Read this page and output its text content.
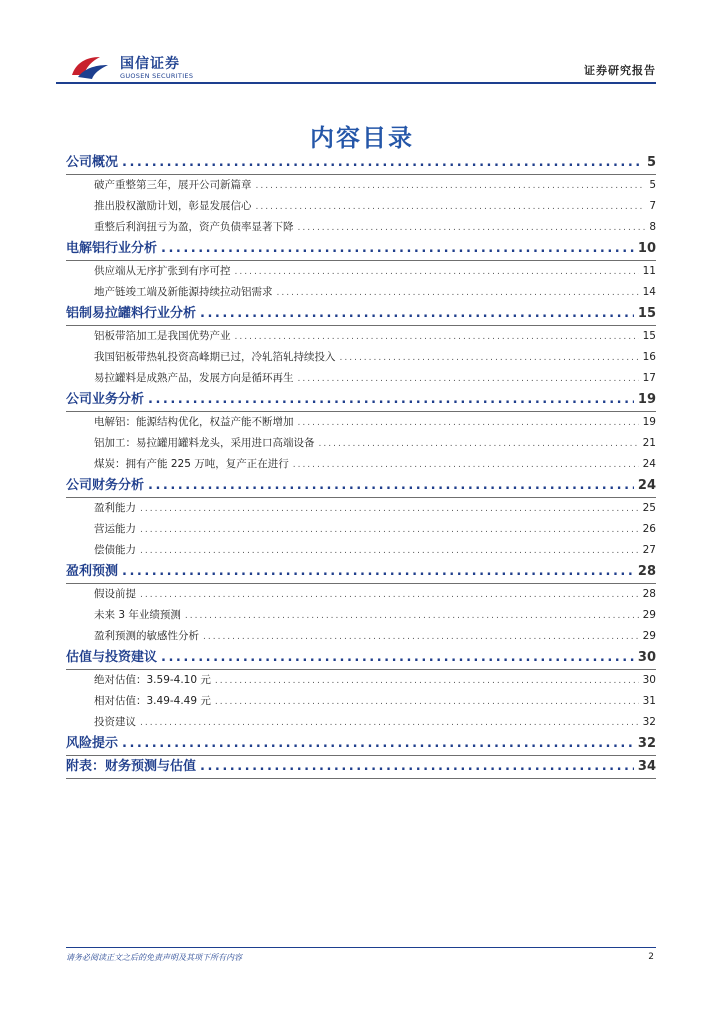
国信证券
GUOSEN SECURITIES	证券研究报告
内容目录
公司概况 .....	5
破产重整第三年，展开公司新篇章 .....	5
推出股权激励计划，彰显发展信心 .....	7
重整后利润扭亏为盈，资产负债率显著下降 .....	8
电解铝行业分析 .....	10
供应端从无序扩张到有序可控 .....	11
地产链竣工端及新能源持续拉动铝需求 .....	14
铝制易拉罐料行业分析 .....	15
铝板带箔加工是我国优势产业 .....	15
我国铝板带热轧投资高峰期已过，冷轧箔轧持续投入 .....	16
易拉罐料是成熟产品，发展方向是循环再生 .....	17
公司业务分析 .....	19
电解铝：能源结构优化，权益产能不断增加 .....	19
铝加工：易拉罐用罐料龙头，采用进口高端设备 .....	21
煤炭：拥有产能 225 万吨，复产正在进行 .....	24
公司财务分析 .....	24
盈利能力 .....	25
营运能力 .....	26
偿债能力 .....	27
盈利预测 .....	28
假设前提 .....	28
未来 3 年业绩预测 .....	29
盈利预测的敏感性分析 .....	29
估值与投资建议 .....	30
绝对估值：3.59-4.10 元 .....	30
相对估值：3.49-4.49 元 .....	31
投资建议 .....	32
风险提示 .....	32
附表：财务预测与估值 .....	34
请务必阅读正文之后的免责声明及其项下所有内容	2
